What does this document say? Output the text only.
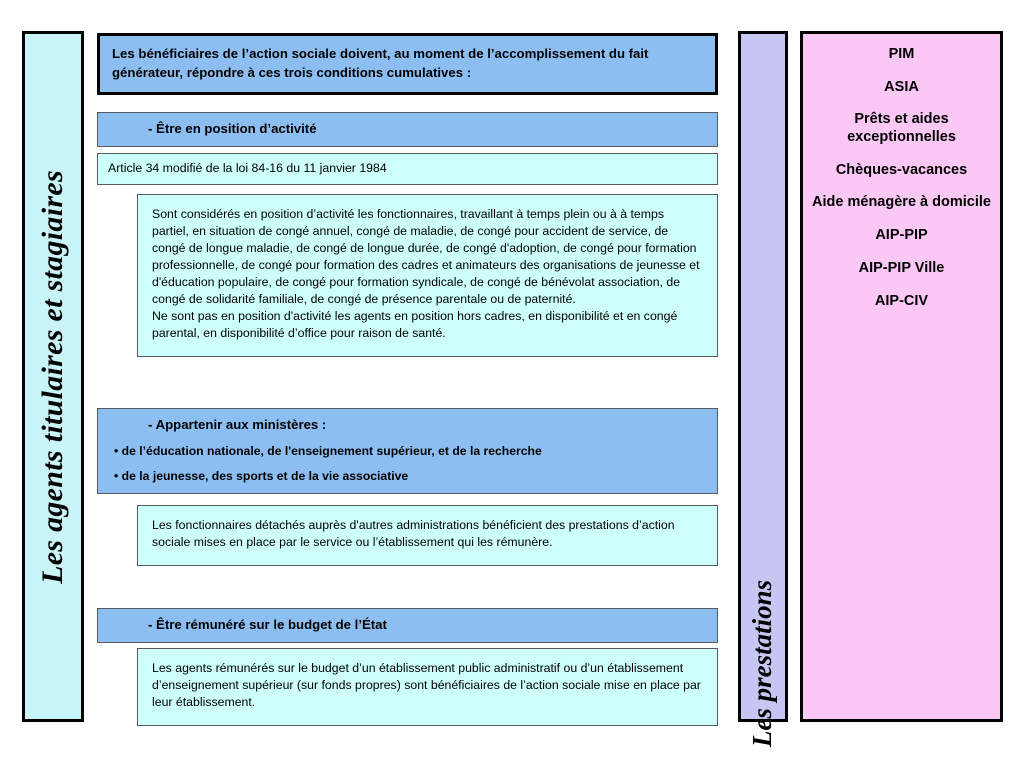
Les agents titulaires et stagiaires

Les bénéficiaires de l’action sociale doivent, au moment de l’accomplissement du fait générateur, répondre à ces trois conditions cumulatives :

- Être en position d’activité

Article 34 modifié de la loi 84-16 du 11 janvier 1984

Sont considérés en position d’activité les fonctionnaires, travaillant à temps plein ou à à temps partiel, en situation de congé annuel, congé de maladie, de congé pour accident de service, de congé de longue maladie, de congé de longue durée, de congé d'adoption, de congé pour formation professionnelle, de congé pour formation des cadres et animateurs des organisations de jeunesse et d'éducation populaire, de congé pour formation syndicale, de congé de bénévolat association, de congé de solidarité familiale, de congé de présence parentale ou de paternité.

Ne sont pas en position d'activité les agents en position hors cadres, en disponibilité et en congé parental, en disponibilité d’office pour raison de santé.

- Appartenir aux ministères :

• de l’éducation nationale, de l'enseignement supérieur, et de la recherche

• de la jeunesse, des sports et de la vie associative

Les fonctionnaires détachés auprès d'autres administrations bénéficient des prestations d’action sociale mises en place par le service ou l’établissement qui les rémunère.

- Être rémunéré sur le budget de l’État

Les agents rémunérés sur le budget d’un établissement public administratif ou d’un établissement d’enseignement supérieur (sur fonds propres) sont bénéficiaires de l’action sociale mise en place par leur établissement.	Les prestations

PIM

ASIA

Prêts et aides exceptionnelles

Chèques-vacances

Aide ménagère à domicile

AIP-PIP

AIP-PIP Ville

AIP-CIV
